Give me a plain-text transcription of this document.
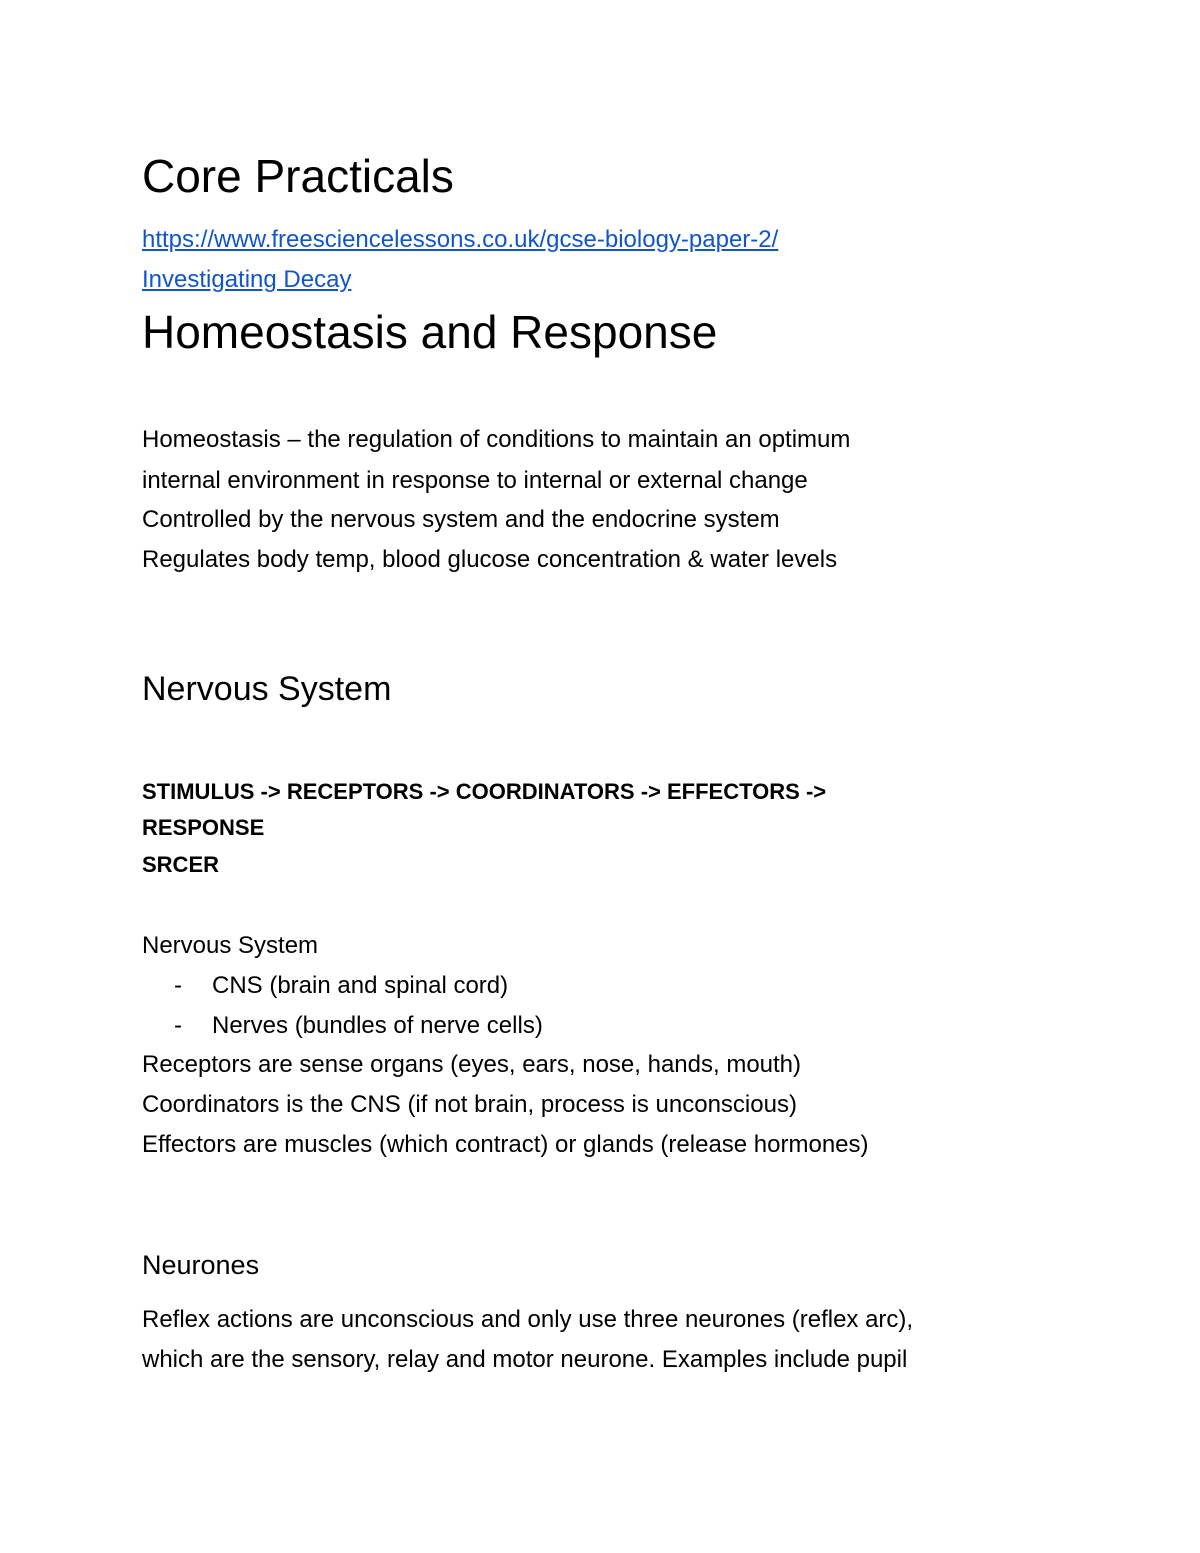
Core Practicals
https://www.freesciencelessons.co.uk/gcse-biology-paper-2/
Investigating Decay
Homeostasis and Response

Homeostasis – the regulation of conditions to maintain an optimum

internal environment in response to internal or external change

Controlled by the nervous system and the endocrine system

Regulates body temp, blood glucose concentration & water levels

Nervous System

STIMULUS -> RECEPTORS -> COORDINATORS -> EFFECTORS ->

RESPONSE

SRCER

Nervous System

- CNS (brain and spinal cord)
- Nerves (bundles of nerve cells)

Receptors are sense organs (eyes, ears, nose, hands, mouth)

Coordinators is the CNS (if not brain, process is unconscious)

Effectors are muscles (which contract) or glands (release hormones)

Neurones

Reflex actions are unconscious and only use three neurones (reflex arc),

which are the sensory, relay and motor neurone. Examples include pupil
